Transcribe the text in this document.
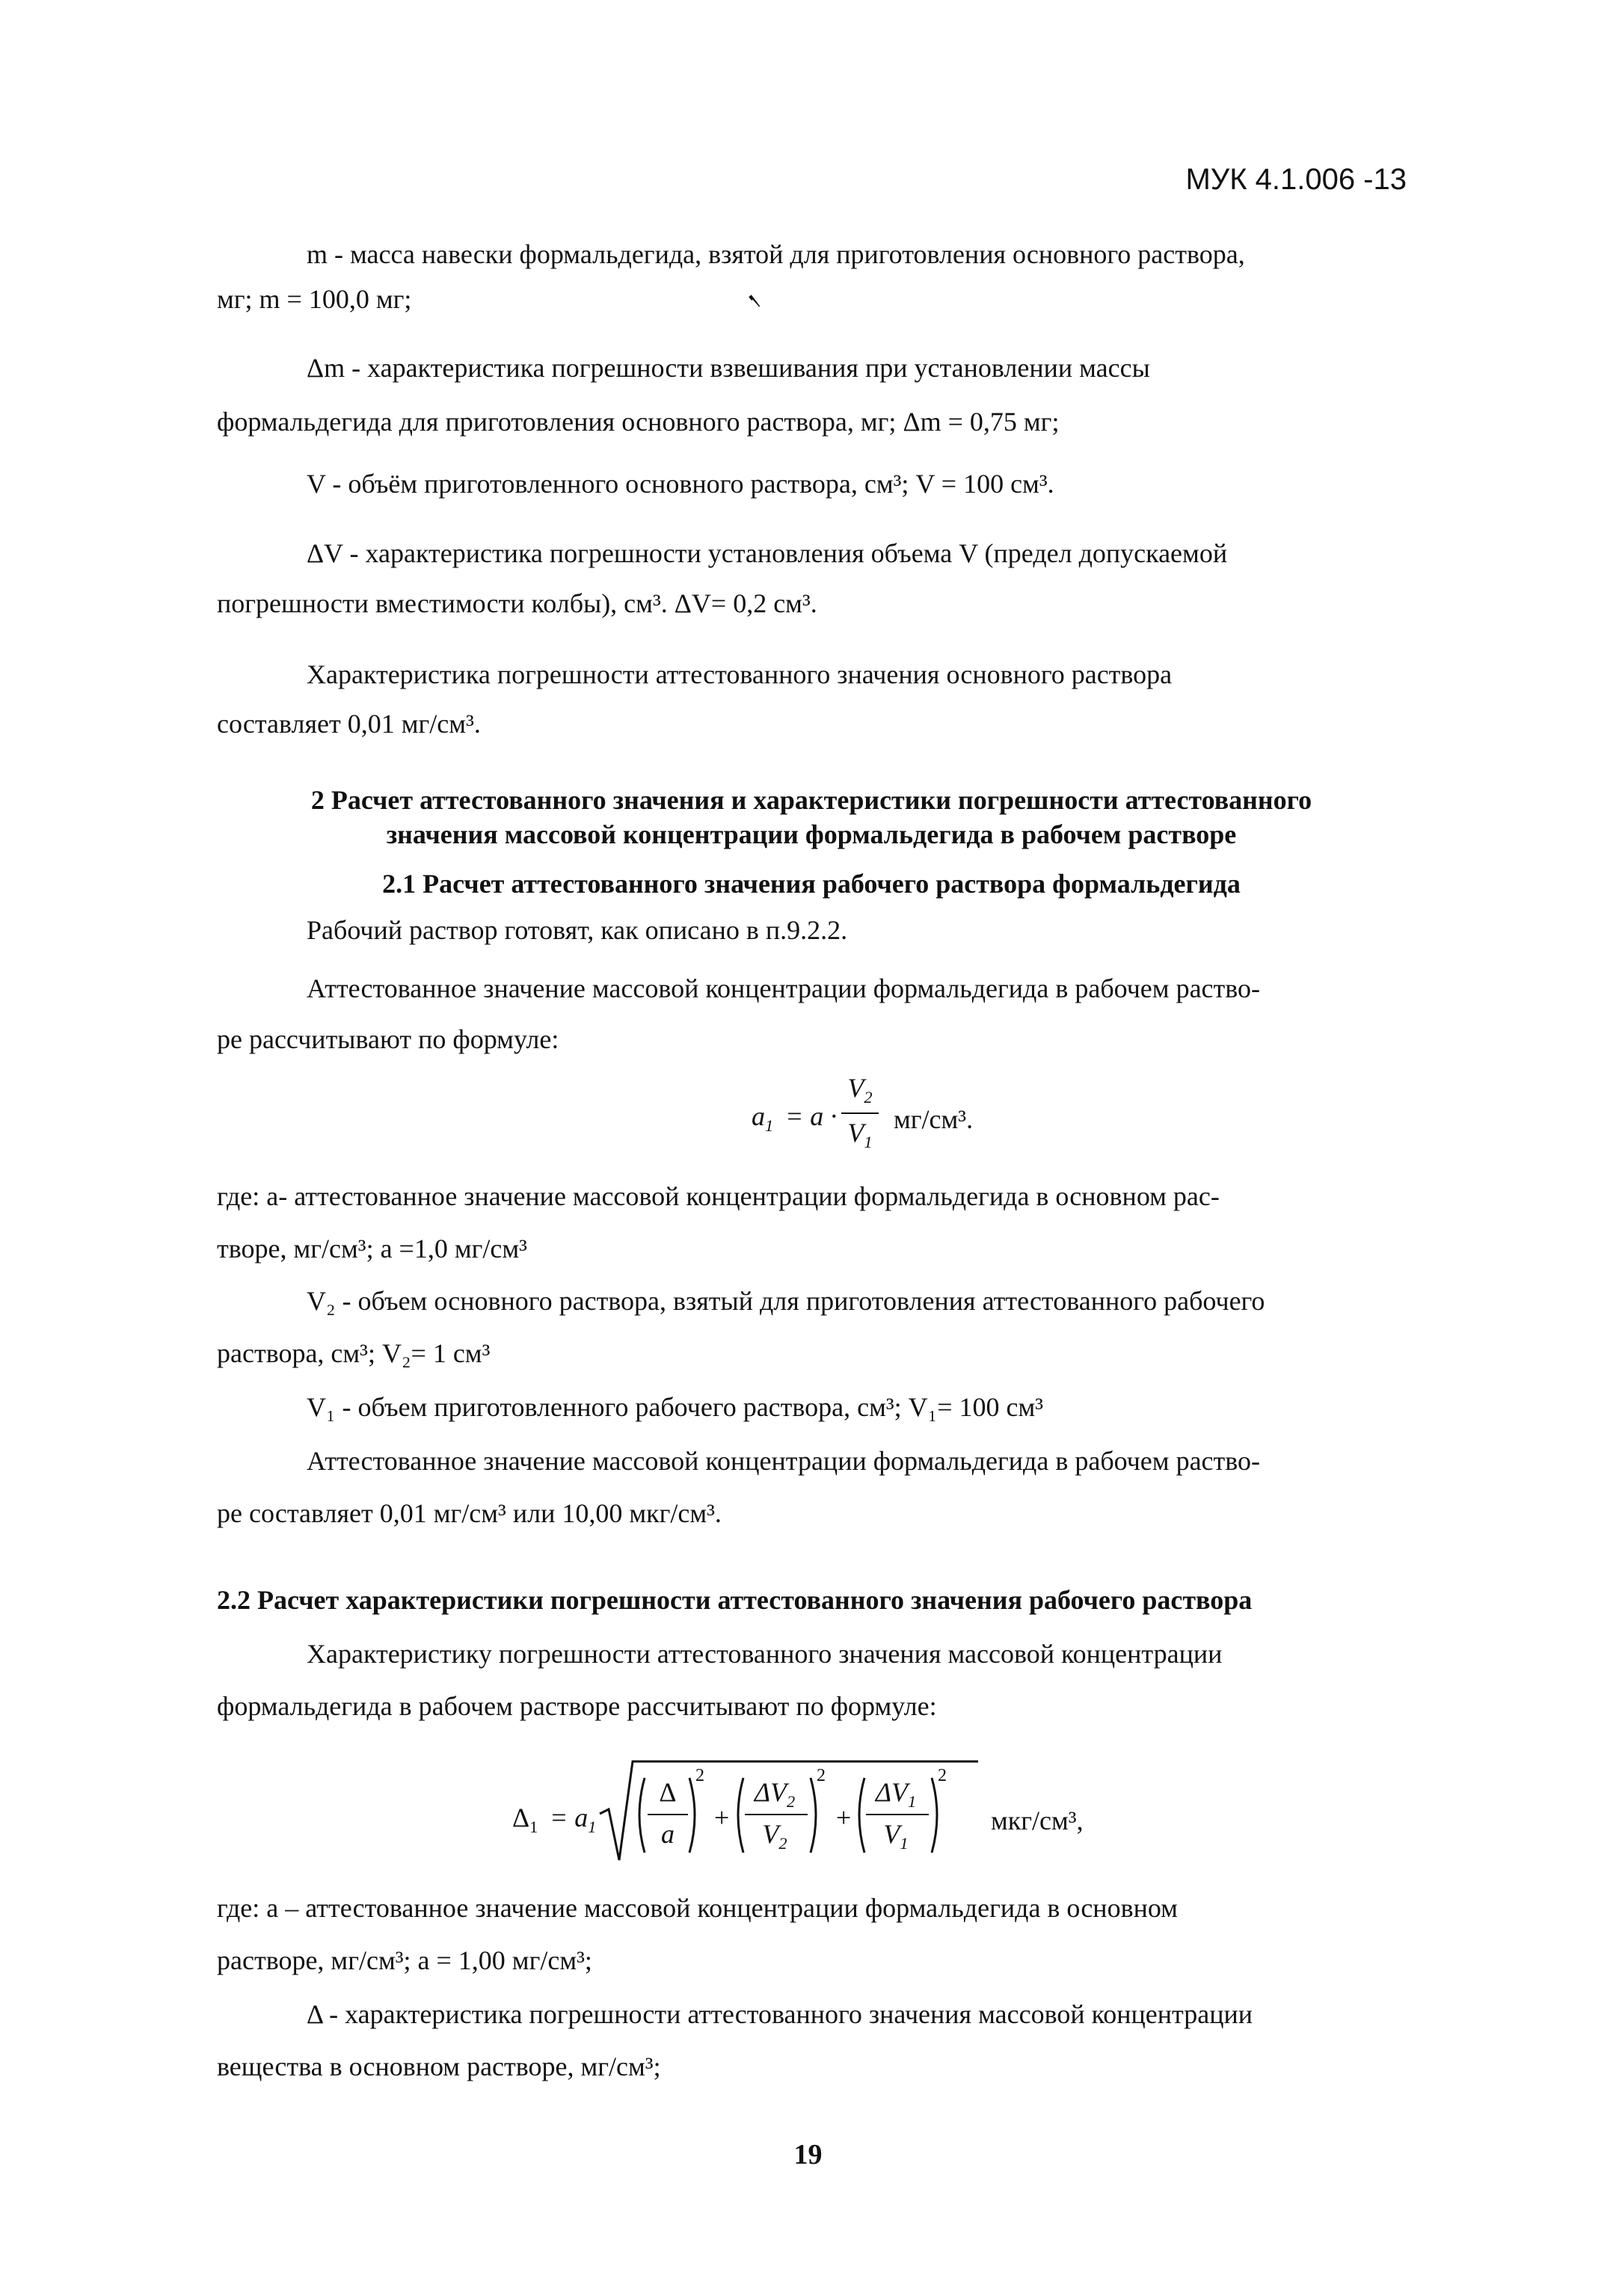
МУК 4.1.006 -13
m - масса навески формальдегида, взятой для приготовления основного раствора,
мг; m = 100,0 мг;	ܢ
Δm - характеристика погрешности взвешивания при установлении массы
формальдегида для приготовления основного раствора, мг; Δm = 0,75 мг;
V - объём приготовленного основного раствора, см³; V = 100 см³.
ΔV - характеристика погрешности установления объема V (предел допускаемой
погрешности вместимости колбы), см³. ΔV= 0,2 см³.
Характеристика погрешности аттестованного значения основного раствора
составляет 0,01 мг/см³.
2 Расчет аттестованного значения и характеристики погрешности аттестованного
значения массовой концентрации формальдегида в рабочем растворе
2.1 Расчет аттестованного значения рабочего раствора формальдегида
Рабочий раствор готовят, как описано в п.9.2.2.
Аттестованное значение массовой концентрации формальдегида в рабочем раство-
ре рассчитывают по формуле:
$a_1 = a$ ·
$V_2$
$V_1$
мг/см³.
где: а- аттестованное значение массовой концентрации формальдегида в основном рас-
творе, мг/см³; а =1,0 мг/см³
V₂ - объем основного раствора, взятый для приготовления аттестованного рабочего
раствора, см³; V₂= 1 см³
V₁ - объем приготовленного рабочего раствора, см³; V₁= 100 см³
Аттестованное значение массовой концентрации формальдегида в рабочем раство-
ре составляет 0,01 мг/см³ или 10,00 мкг/см³.
2.2 Расчет характеристики погрешности аттестованного значения рабочего раствора
Характеристику погрешности аттестованного значения массовой концентрации
формальдегида в рабочем растворе рассчитывают по формуле:
$\Delta_1 = a_1$
Δ
a
2
+
$\Delta V_2$
$V_2$
2
+
$\Delta V_1$
$V_1$
2
мкг/см³,
где: а – аттестованное значение массовой концентрации формальдегида в основном
растворе, мг/см³; а = 1,00 мг/см³;
Δ - характеристика погрешности аттестованного значения массовой концентрации
вещества в основном растворе, мг/см³;
19
